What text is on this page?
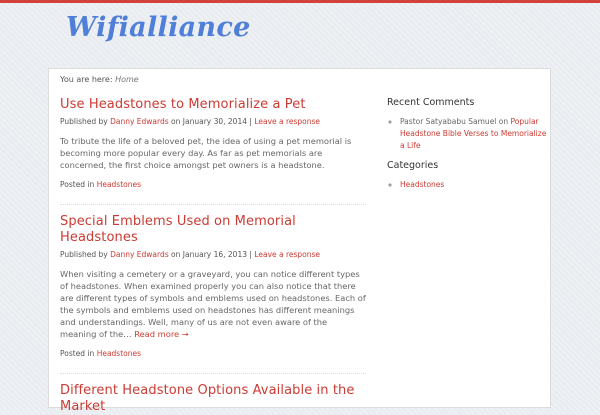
Wifialliance
You are here: Home
Use Headstones to Memorialize a Pet
Published by Danny Edwards on January 30, 2014 | Leave a response
To tribute the life of a beloved pet, the idea of using a pet memorial is becoming more popular every day. As far as pet memorials are concerned, the first choice amongst pet owners is a headstone.
Posted in Headstones
Special Emblems Used on Memorial Headstones
Published by Danny Edwards on January 16, 2013 | Leave a response
When visiting a cemetery or a graveyard, you can notice different types of headstones. When examined properly you can also notice that there are different types of symbols and emblems used on headstones. Each of the symbols and emblems used on headstones has different meanings and understandings. Well, many of us are not even aware of the meaning of the… Read more →
Posted in Headstones
Different Headstone Options Available in the Market
Recent Comments
◦ Pastor Satyababu Samuel on Popular Headstone Bible Verses to Memorialize a Life
Categories
◦ Headstones
